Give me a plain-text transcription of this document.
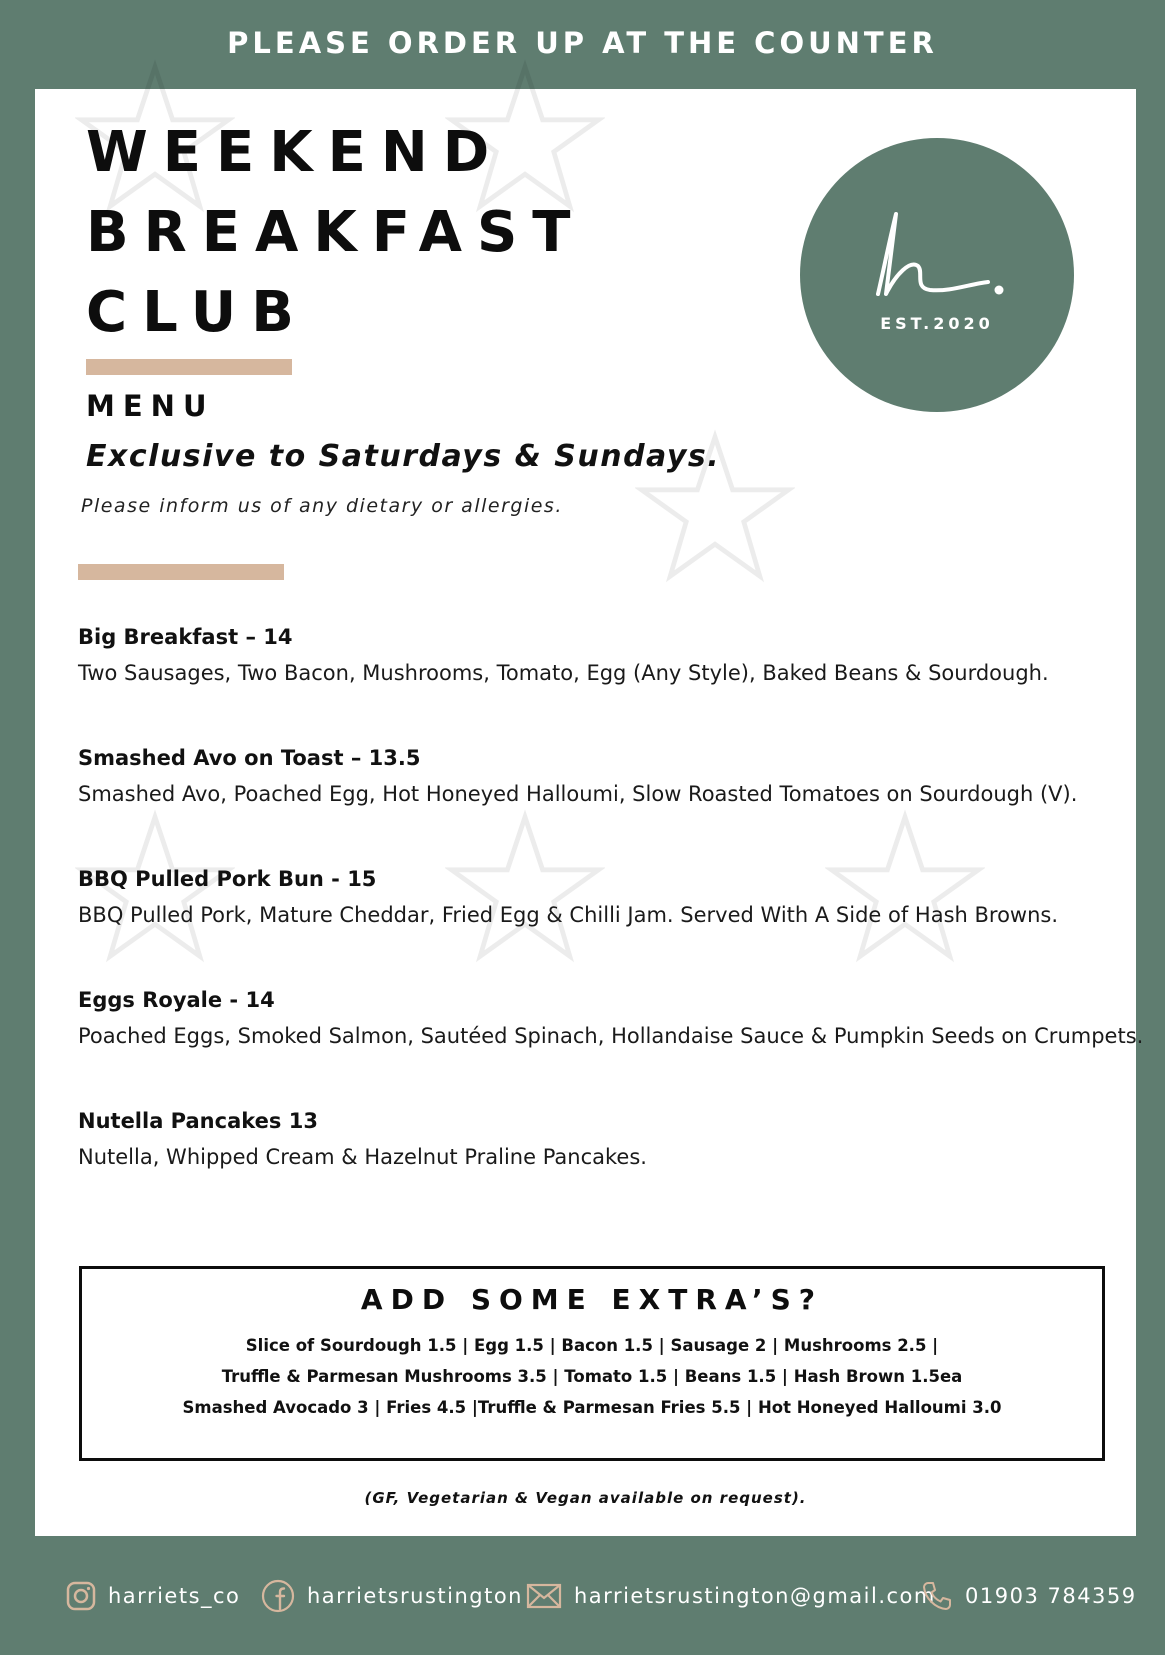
PLEASE ORDER UP AT THE COUNTER
WEEKEND
BREAKFAST
CLUB
MENU
Exclusive to Saturdays & Sundays.
Please inform us of any dietary or allergies.
EST.2020
Big Breakfast – 14
Two Sausages, Two Bacon, Mushrooms, Tomato, Egg (Any Style), Baked Beans & Sourdough.
Smashed Avo on Toast – 13.5
Smashed Avo, Poached Egg, Hot Honeyed Halloumi, Slow Roasted Tomatoes on Sourdough (V).
BBQ Pulled Pork Bun - 15
BBQ Pulled Pork, Mature Cheddar, Fried Egg & Chilli Jam. Served With A Side of Hash Browns.
Eggs Royale - 14
Poached Eggs, Smoked Salmon, Sautéed Spinach, Hollandaise Sauce & Pumpkin Seeds on Crumpets.
Nutella Pancakes 13
Nutella, Whipped Cream & Hazelnut Praline Pancakes.
ADD SOME EXTRA’S?
Slice of Sourdough 1.5 | Egg 1.5 | Bacon 1.5 | Sausage 2 | Mushrooms 2.5 |
Truffle & Parmesan Mushrooms 3.5 | Tomato 1.5 | Beans 1.5 | Hash Brown 1.5ea
Smashed Avocado 3 | Fries 4.5 |Truffle & Parmesan Fries 5.5 | Hot Honeyed Halloumi 3.0
(GF, Vegetarian & Vegan available on request).
harriets_co	harrietsrustington harrietsrustington@gmail.com 01903 784359
